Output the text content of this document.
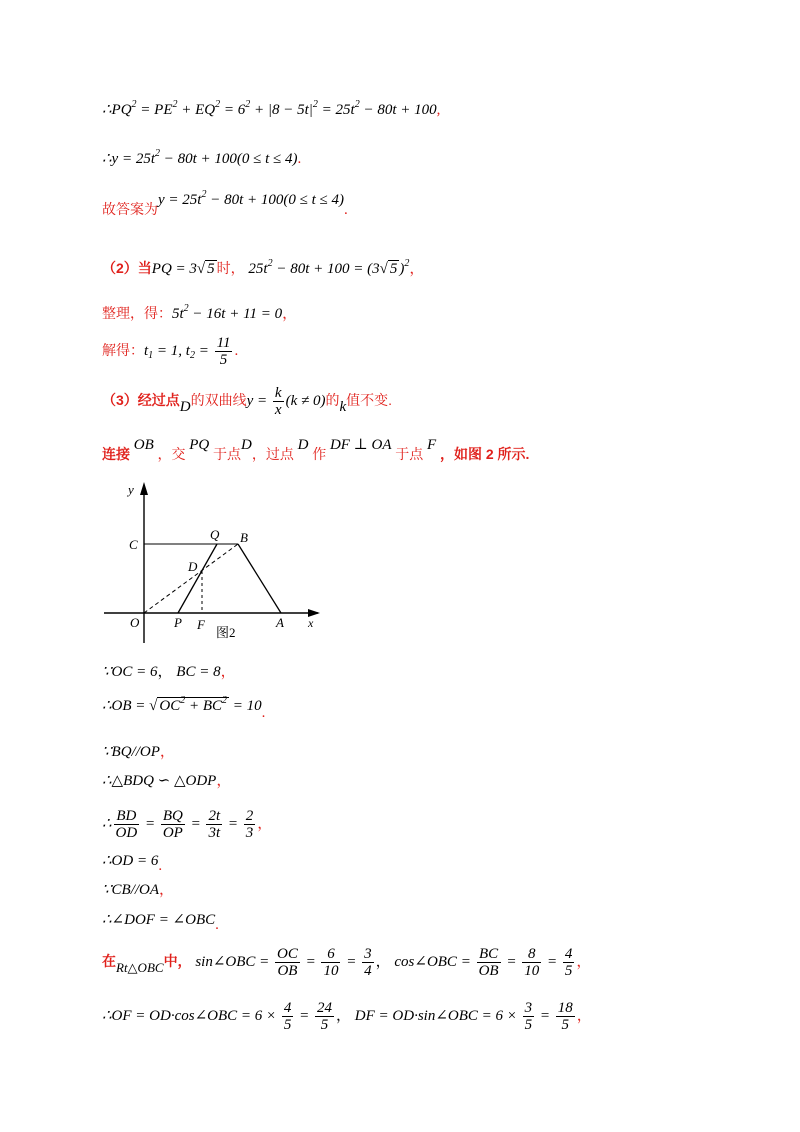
$\therefore PQ^2 = PE^2 + EQ^2 = 6^2 + |8 - 5t|^2 = 25t^2 - 80t + 100$,
∴y = $25t^2 - 80t + 100(0 \le t \le 4)$.
故答案为$y = 25t^2 - 80t + 100(0 \le t \le 4)$.
（2）当PQ = 3√ 5 时， $25t^2 - 80t + 100 = (3√$ 5 )$^2$，
整理，得：$5t^2 - 16t + 11 = 0$，
解得：$t_1 = 1$, $t_2 = \frac{11}{5}$ .
（3）经过点D的双曲线$y = \frac{k}{x} (k \ne 0)$的k值不变.
连接 OB ，交 PQ 于点D，过点 D 作 DF ⊥ OA 于点 F ，如图 2 所示.
y
x
O
C
Q B
D
P F
图2
A
∵OC = 6， BC = 8，
∴OB = √ $OC^2 + BC^2 = 10$.
∵BQ//OP，
∴△BDQ ∽ △ODP，
∴ $\frac{BD}{OD} = \frac{BQ}{OP} = \frac{2t}{3t} = \frac{2}{3}$ ，
∴OD = 6.
∵CB//OA，
∴∠DOF = ∠OBC.
在Rt△OBC中， sin∠OBC = $\frac{OC}{OB} = \frac{6}{10} = \frac{3}{4}$ ， cos∠OBC = $\frac{BC}{OB} = \frac{8}{10} = \frac{4}{5}$ ，
∴OF = OD·cos∠OBC = $6 \times \frac{4}{5} = \frac{24}{5}$ ， DF = OD·sin∠OBC = $6 \times \frac{3}{5} = \frac{18}{5}$ ，
